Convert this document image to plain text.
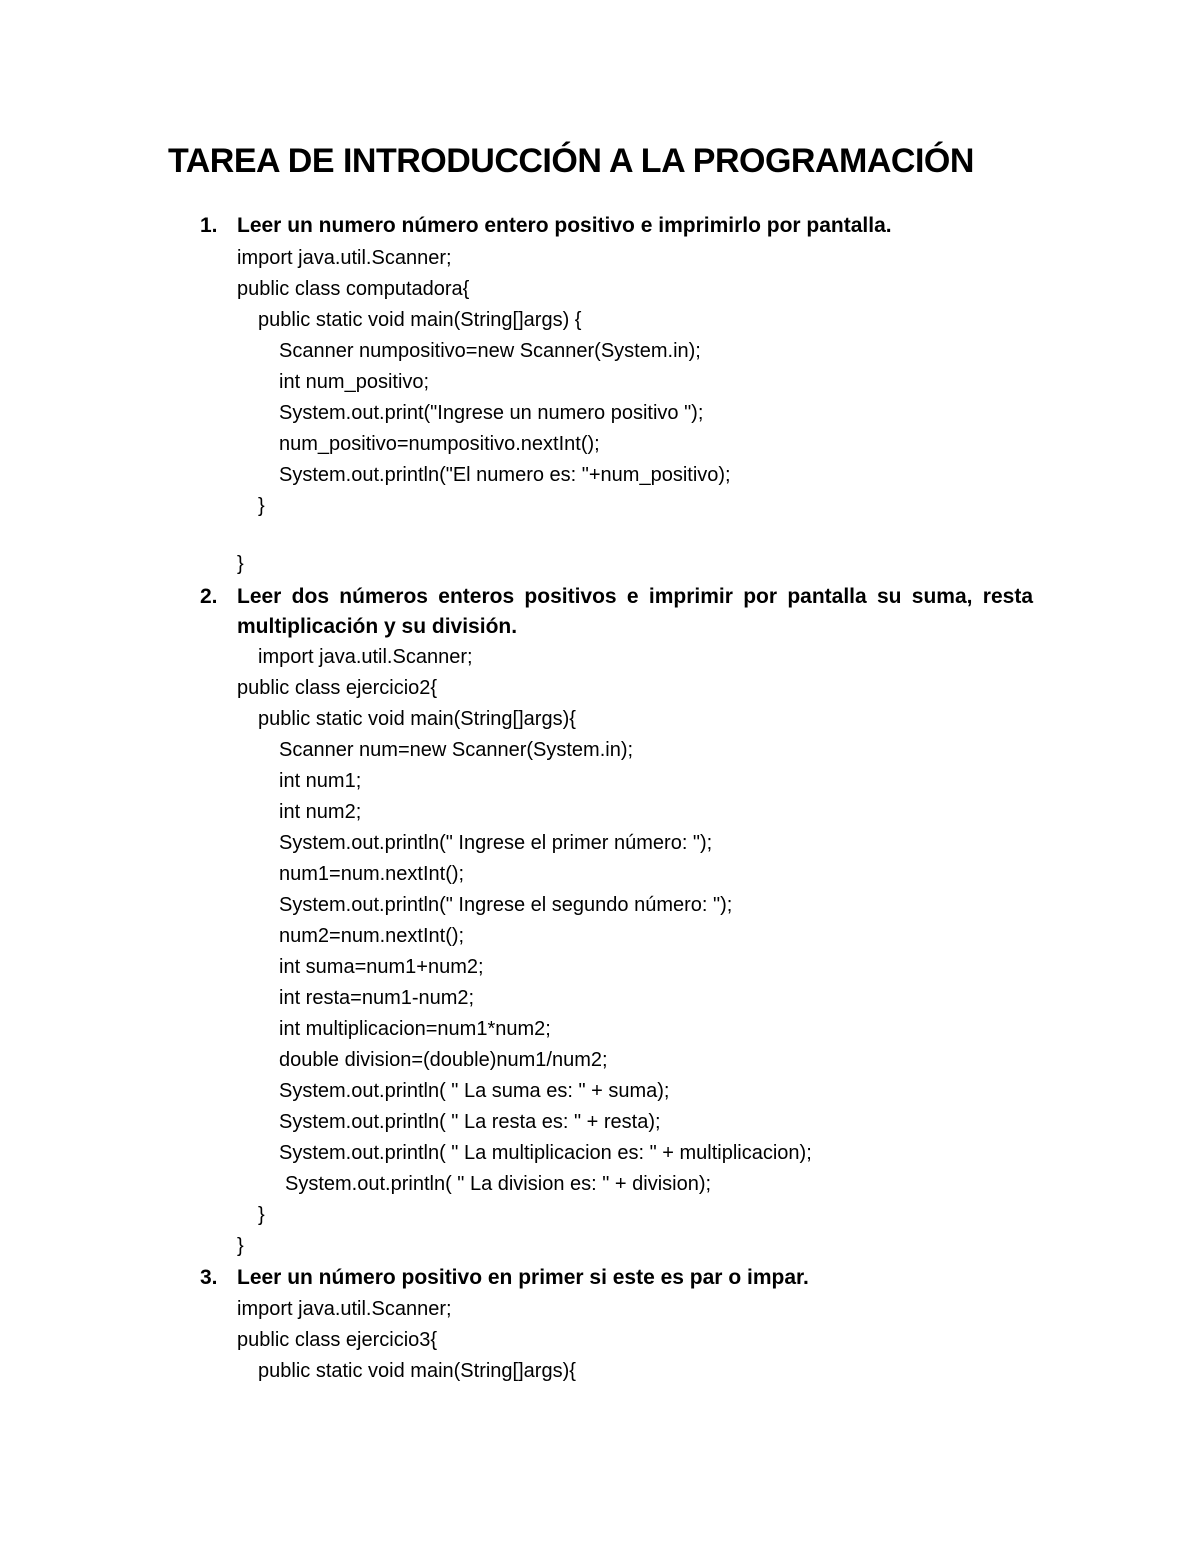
TAREA DE INTRODUCCIÓN A LA PROGRAMACIÓN
1. Leer un numero número entero positivo e imprimirlo por pantalla.
import java.util.Scanner;
public class computadora{
public static void main(String[]args) {
Scanner numpositivo=new Scanner(System.in);
int num_positivo;
System.out.print("Ingrese un numero positivo ");
num_positivo=numpositivo.nextInt();
System.out.println("El numero es: "+num_positivo);
}
}
2. Leer dos números enteros positivos e imprimir por pantalla su suma, resta
multiplicación y su división.
import java.util.Scanner;
public class ejercicio2{
public static void main(String[]args){
Scanner num=new Scanner(System.in);
int num1;
int num2;
System.out.println(" Ingrese el primer número: ");
num1=num.nextInt();
System.out.println(" Ingrese el segundo número: ");
num2=num.nextInt();
int suma=num1+num2;
int resta=num1-num2;
int multiplicacion=num1*num2;
double division=(double)num1/num2;
System.out.println( " La suma es: " + suma);
System.out.println( " La resta es: " + resta);
System.out.println( " La multiplicacion es: " + multiplicacion);
System.out.println( " La division es: " + division);
}
}
3. Leer un número positivo en primer si este es par o impar.
import java.util.Scanner;
public class ejercicio3{
public static void main(String[]args){
